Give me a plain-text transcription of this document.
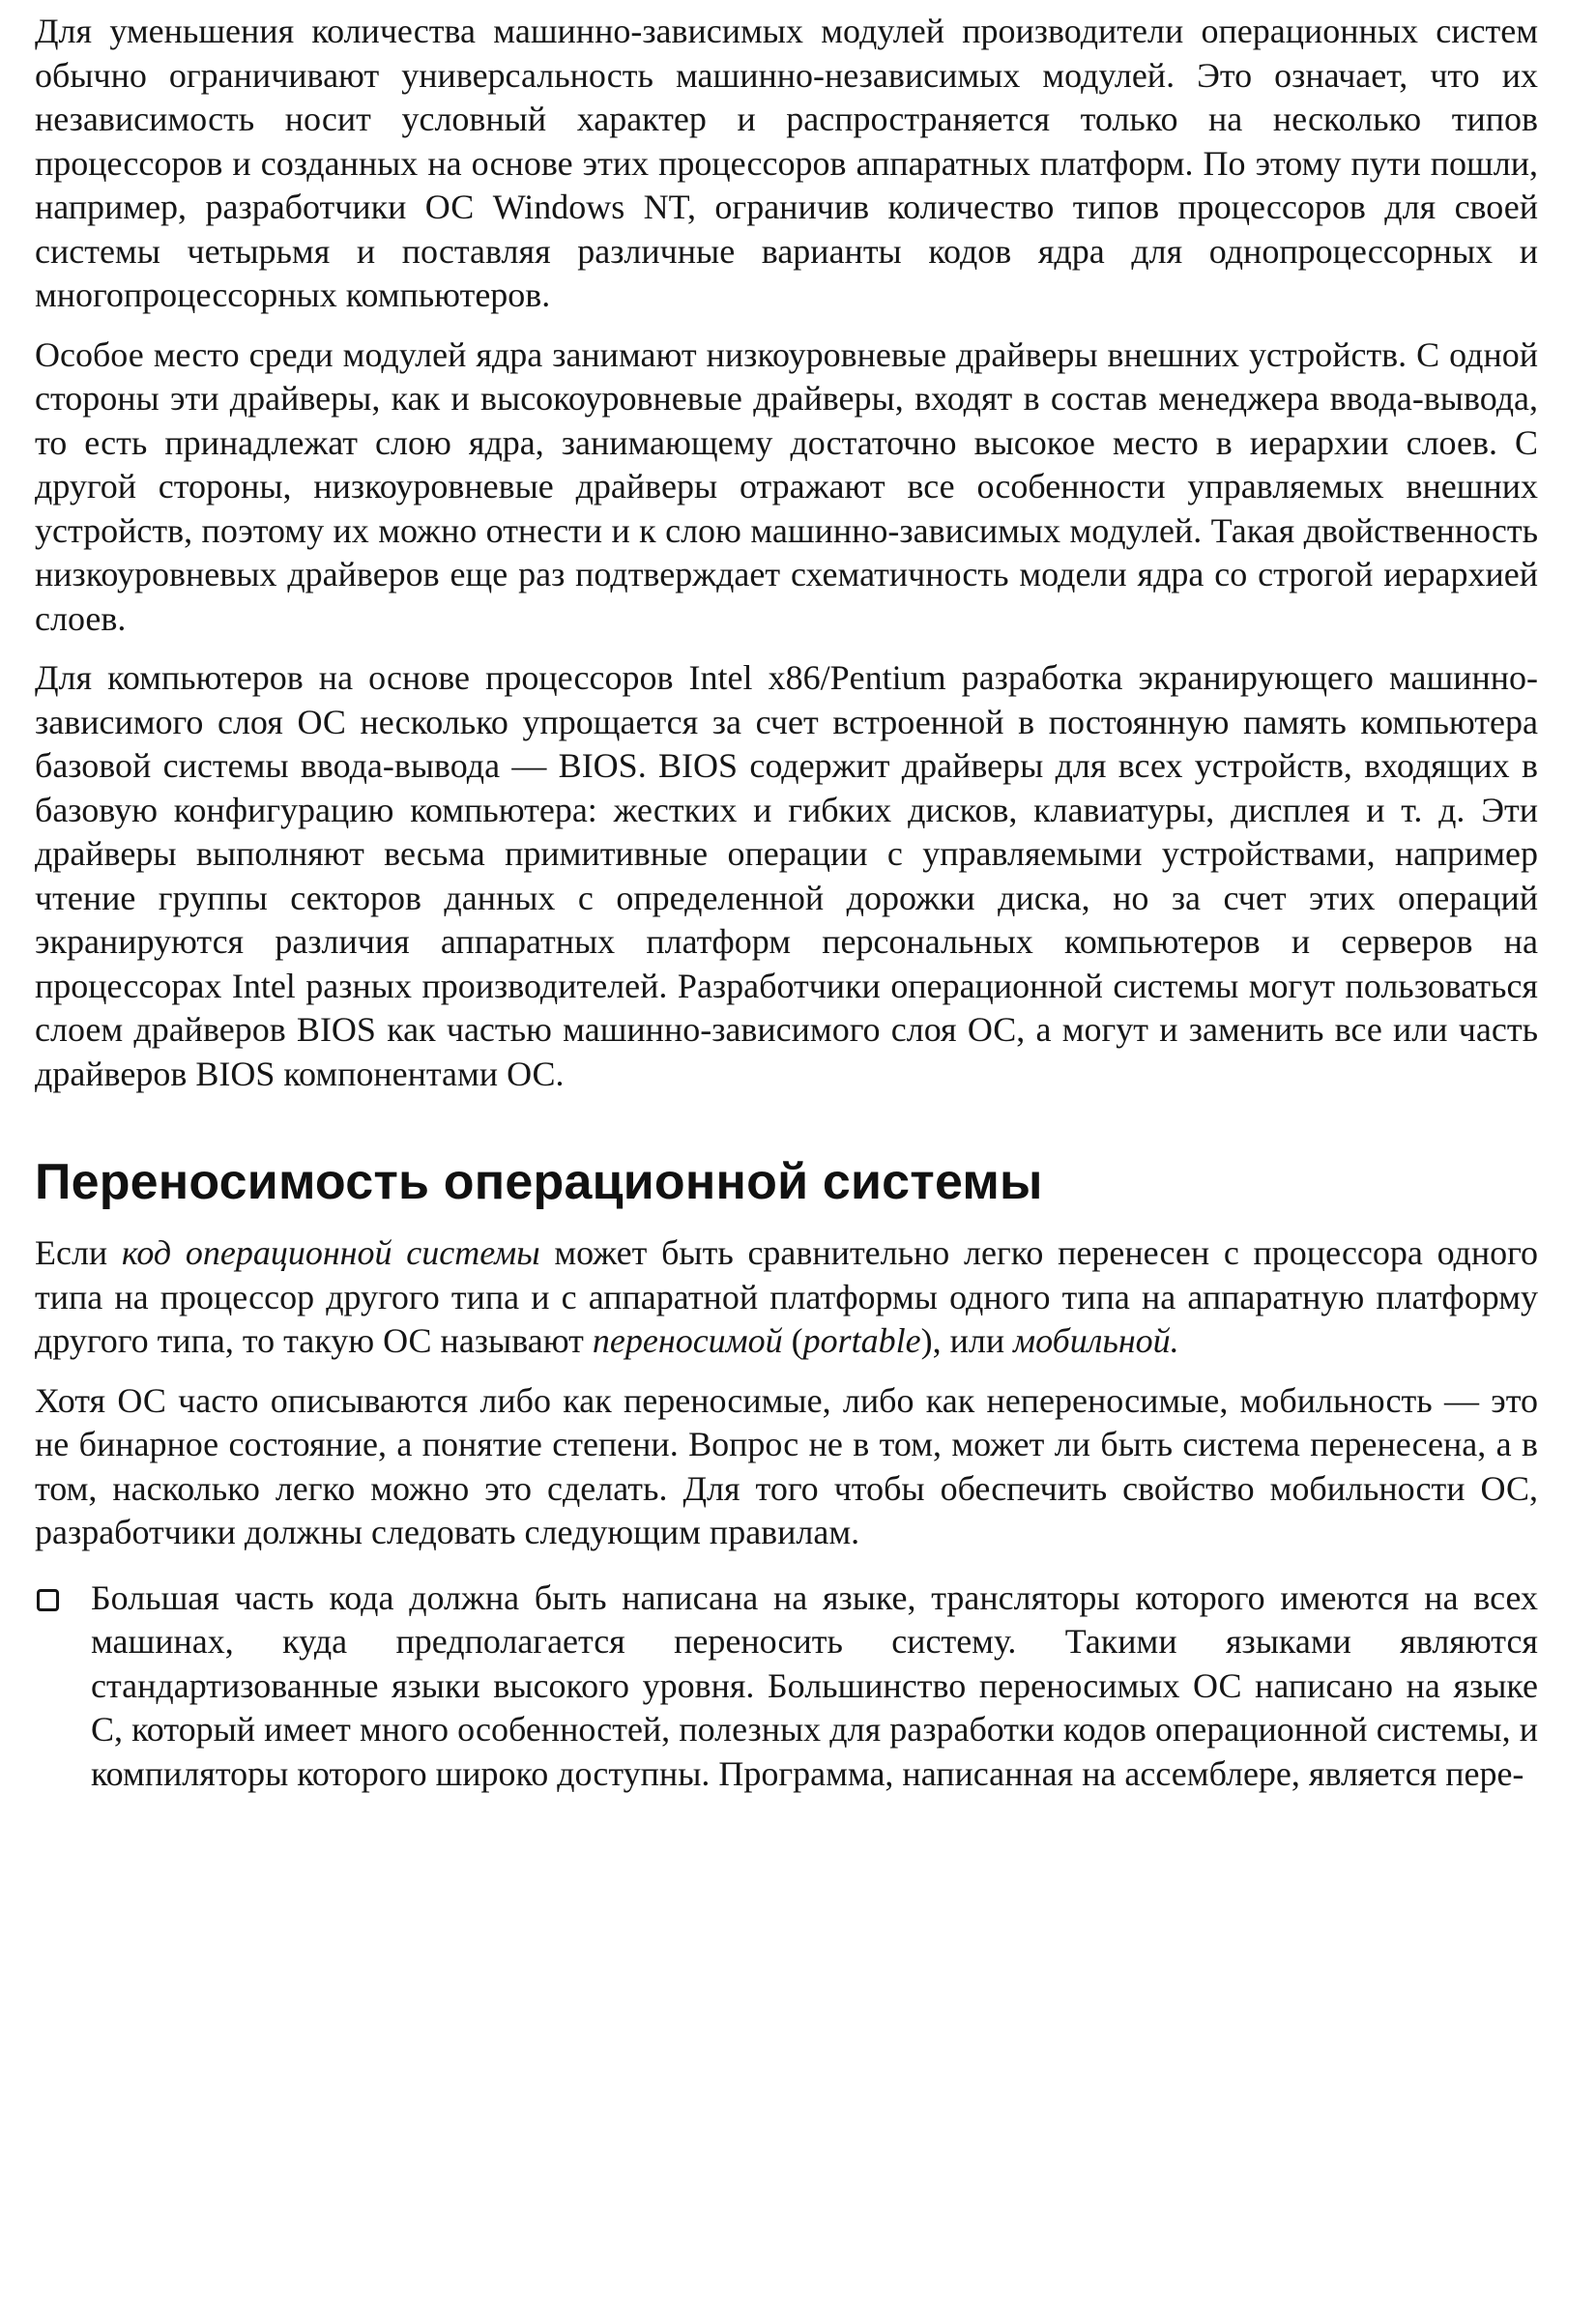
Для уменьшения количества машинно-зависимых модулей производители операционных систем обычно ограничивают универсальность машинно-независимых модулей. Это означает, что их независимость носит условный характер и распространяется только на несколько типов процессоров и созданных на основе этих процессоров аппаратных платформ. По этому пути пошли, например, разработчики ОС Windows NT, ограничив количество типов процессоров для своей системы четырьмя и поставляя различные варианты кодов ядра для однопроцессорных и многопроцессорных компьютеров.

Особое место среди модулей ядра занимают низкоуровневые драйверы внешних устройств. С одной стороны эти драйверы, как и высокоуровневые драйверы, входят в состав менеджера ввода-вывода, то есть принадлежат слою ядра, занимающему достаточно высокое место в иерархии слоев. С другой стороны, низкоуровневые драйверы отражают все особенности управляемых внешних устройств, поэтому их можно отнести и к слою машинно-зависимых модулей. Такая двойственность низкоуровневых драйверов еще раз подтверждает схематичность модели ядра со строгой иерархией слоев.

Для компьютеров на основе процессоров Intel x86/Pentium разработка экранирующего машинно-зависимого слоя ОС несколько упрощается за счет встроенной в постоянную память компьютера базовой системы ввода-вывода — BIOS. BIOS содержит драйверы для всех устройств, входящих в базовую конфигурацию компьютера: жестких и гибких дисков, клавиатуры, дисплея и т. д. Эти драйверы выполняют весьма примитивные операции с управляемыми устройствами, например чтение группы секторов данных с определенной дорожки диска, но за счет этих операций экранируются различия аппаратных платформ персональных компьютеров и серверов на процессорах Intel разных производителей. Разработчики операционной системы могут пользоваться слоем драйверов BIOS как частью машинно-зависимого слоя ОС, а могут и заменить все или часть драйверов BIOS компонентами ОС.

Переносимость операционной системы

Если код операционной системы может быть сравнительно легко перенесен с процессора одного типа на процессор другого типа и с аппаратной платформы одного типа на аппаратную платформу другого типа, то такую ОС называют переносимой (portable), или мобильной.

Хотя ОС часто описываются либо как переносимые, либо как непереносимые, мобильность — это не бинарное состояние, а понятие степени. Вопрос не в том, может ли быть система перенесена, а в том, насколько легко можно это сделать. Для того чтобы обеспечить свойство мобильности ОС, разработчики должны следовать следующим правилам.

Большая часть кода должна быть написана на языке, трансляторы которого имеются на всех машинах, куда предполагается переносить систему. Такими языками являются стандартизованные языки высокого уровня. Большинство переносимых ОС написано на языке С, который имеет много особенностей, полезных для разработки кодов операционной системы, и компиляторы которого широко доступны. Программа, написанная на ассемблере, является пере-
